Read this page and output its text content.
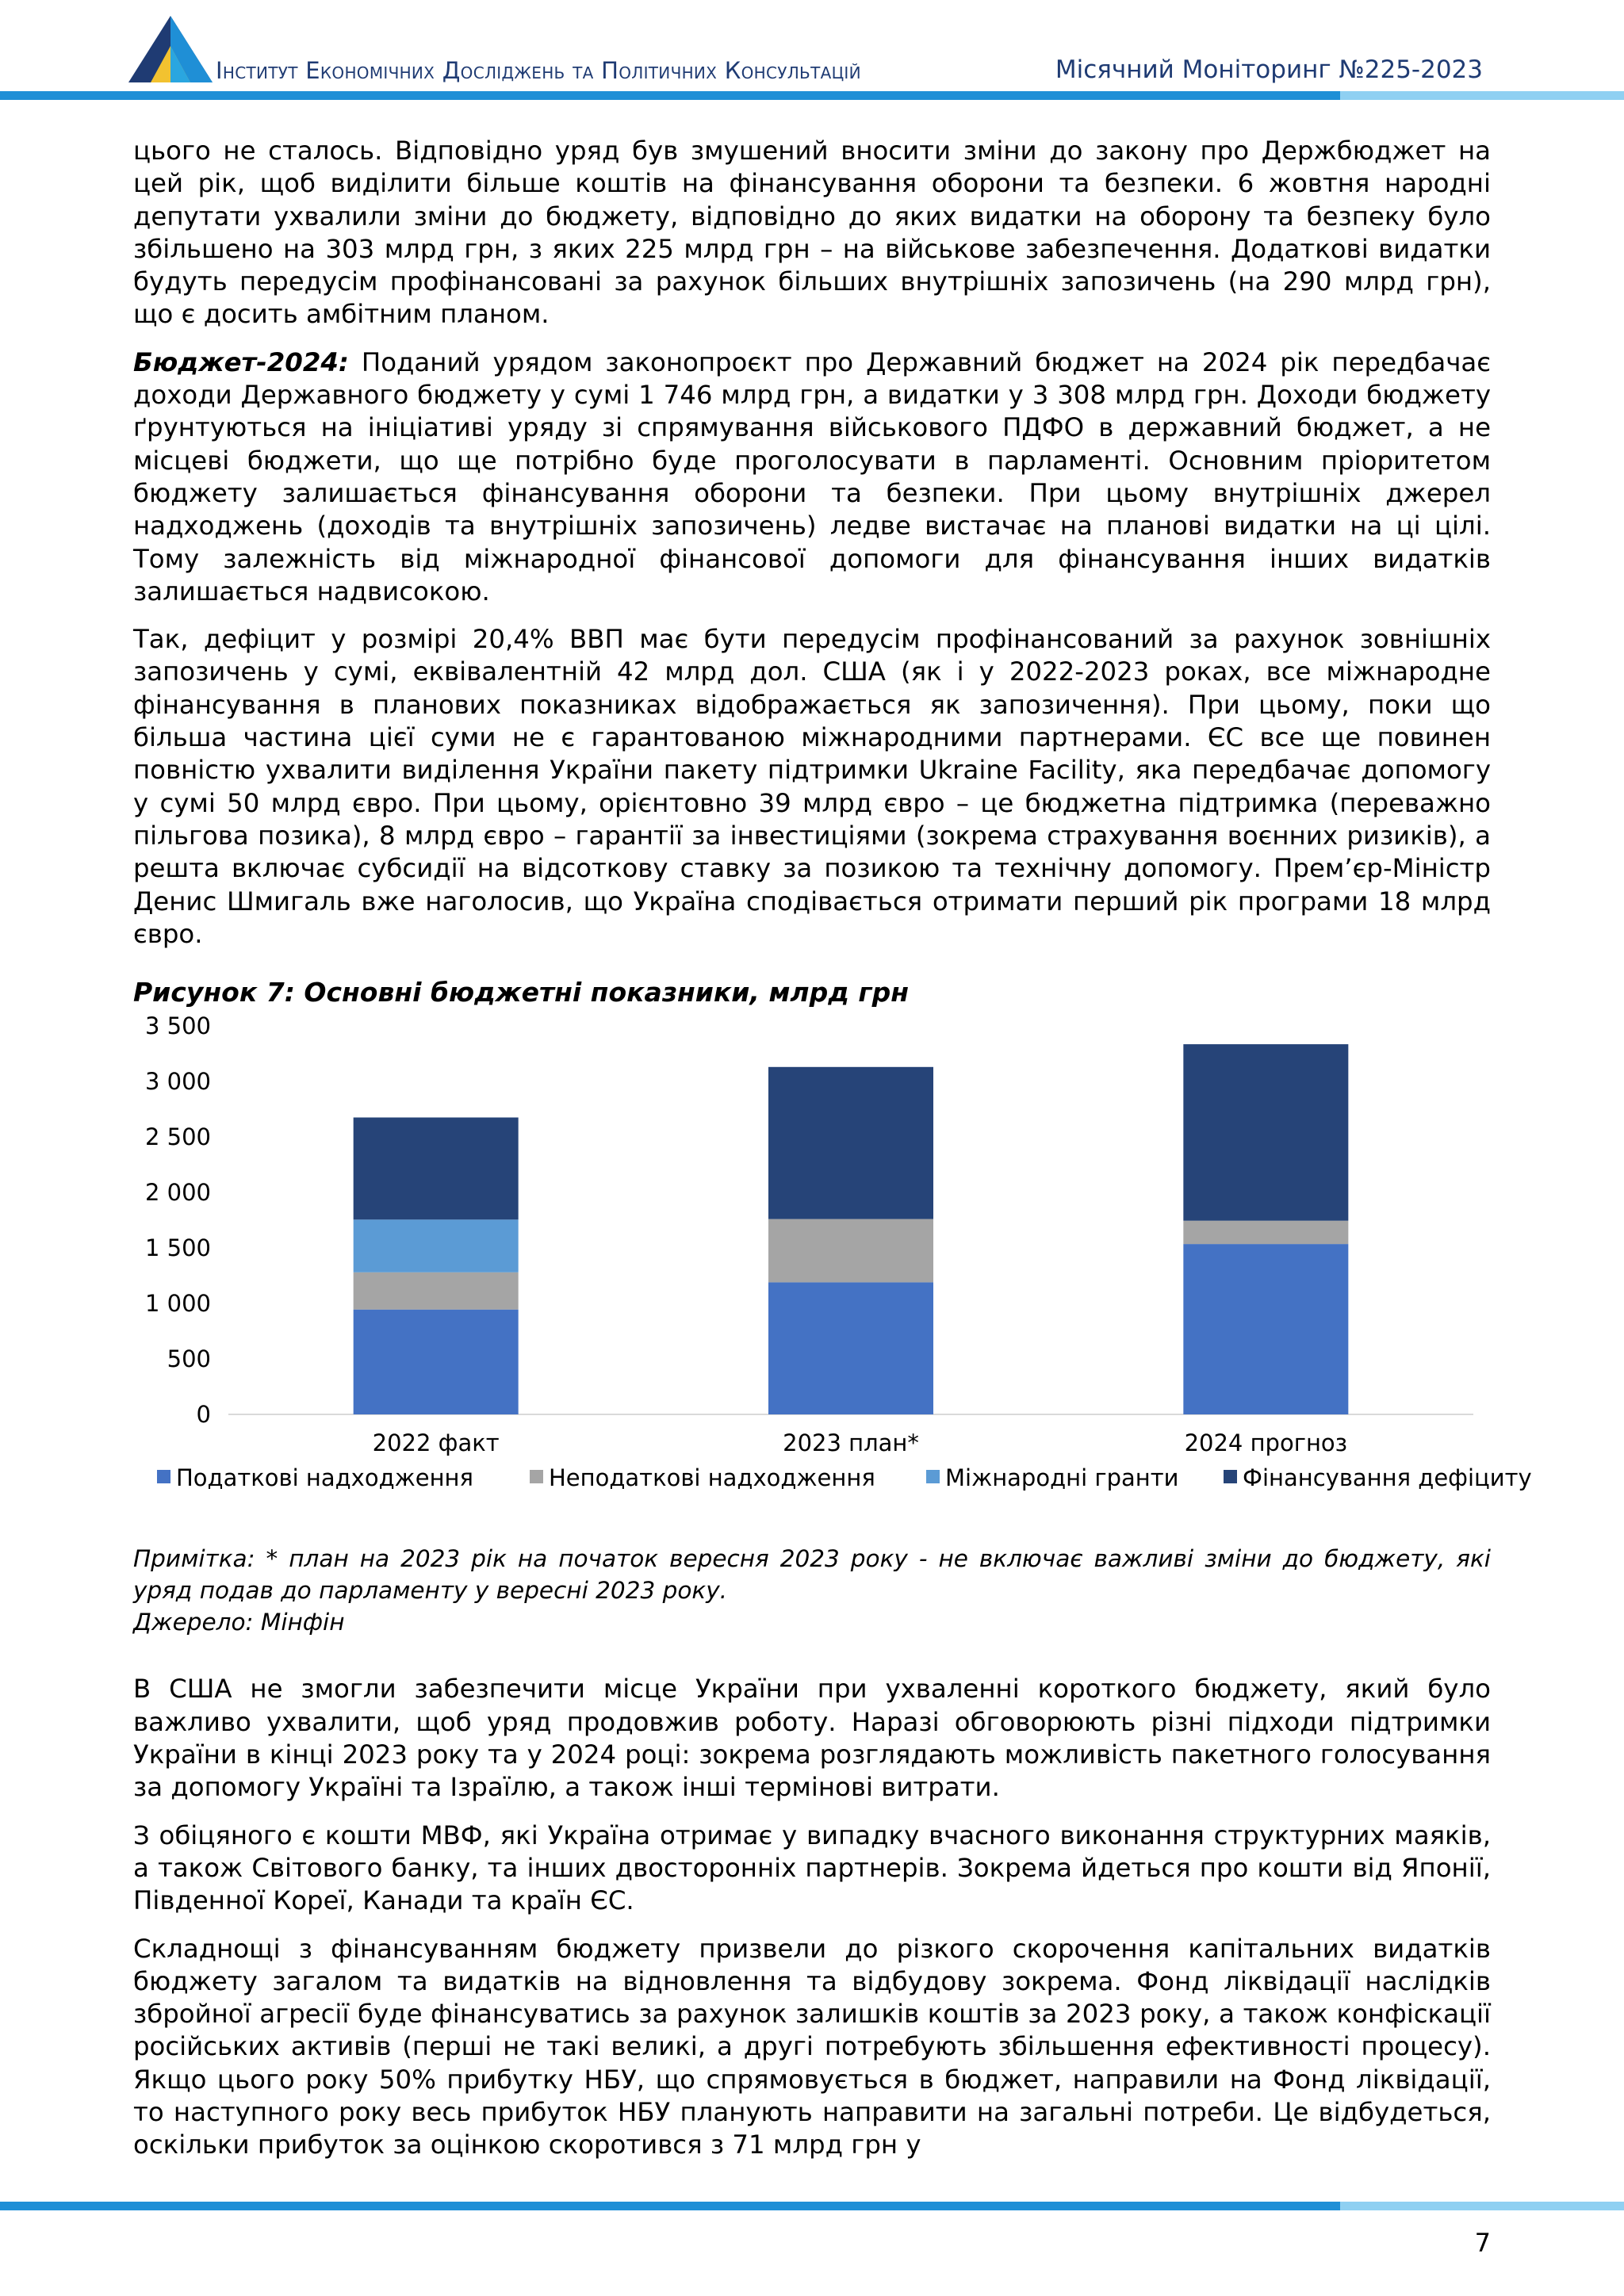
Інститут Економічних Досліджень та Політичних Консультацій	Місячний Моніторинг №225-2023

цього не сталось. Відповідно уряд був змушений вносити зміни до закону про Держбюджет на цей рік, щоб виділити більше коштів на фінансування оборони та безпеки. 6 жовтня народні депутати ухвалили зміни до бюджету, відповідно до яких видатки на оборону та безпеку було збільшено на 303 млрд грн, з яких 225 млрд грн – на військове забезпечення. Додаткові видатки будуть передусім профінансовані за рахунок більших внутрішніх запозичень (на 290 млрд грн), що є досить амбітним планом.

Бюджет-2024: Поданий урядом законопроєкт про Державний бюджет на 2024 рік передбачає доходи Державного бюджету у сумі 1 746 млрд грн, а видатки у 3 308 млрд грн. Доходи бюджету ґрунтуються на ініціативі уряду зі спрямування військового ПДФО в державний бюджет, а не місцеві бюджети, що ще потрібно буде проголосувати в парламенті. Основним пріоритетом бюджету залишається фінансування оборони та безпеки. При цьому внутрішніх джерел надходжень (доходів та внутрішніх запозичень) ледве вистачає на планові видатки на ці цілі. Тому залежність від міжнародної фінансової допомоги для фінансування інших видатків залишається надвисокою.

Так, дефіцит у розмірі 20,4% ВВП має бути передусім профінансований за рахунок зовнішніх запозичень у сумі, еквівалентній 42 млрд дол. США (як і у 2022-2023 роках, все міжнародне фінансування в планових показниках відображається як запозичення). При цьому, поки що більша частина цієї суми не є гарантованою міжнародними партнерами. ЄС все ще повинен повністю ухвалити виділення України пакету підтримки Ukraine Facility, яка передбачає допомогу у сумі 50 млрд євро. При цьому, орієнтовно 39 млрд євро – це бюджетна підтримка (переважно пільгова позика), 8 млрд євро – гарантії за інвестиціями (зокрема страхування воєнних ризиків), а решта включає субсидії на відсоткову ставку за позикою та технічну допомогу. Прем’єр-Міністр Денис Шмигаль вже наголосив, що Україна сподівається отримати перший рік програми 18 млрд євро.

Рисунок 7: Основні бюджетні показники, млрд грн
0
500
1 000
1 500
2 000
2 500
3 000
3 500
2022 факт	2023 план*	2024 прогноз
Податкові надходження	Неподаткові надходження	Міжнародні гранти	Фінансування дефіциту
Примітка: * план на 2023 рік на початок вересня 2023 року - не включає важливі зміни до бюджету, які уряд подав до парламенту у вересні 2023 року.
Джерело: Мінфін

В США не змогли забезпечити місце України при ухваленні короткого бюджету, який було важливо ухвалити, щоб уряд продовжив роботу. Наразі обговорюють різні підходи підтримки України в кінці 2023 року та у 2024 році: зокрема розглядають можливість пакетного голосування за допомогу Україні та Ізраїлю, а також інші термінові витрати.

З обіцяного є кошти МВФ, які Україна отримає у випадку вчасного виконання структурних маяків, а також Світового банку, та інших двосторонніх партнерів. Зокрема йдеться про кошти від Японії, Південної Кореї, Канади та країн ЄС.

Складнощі з фінансуванням бюджету призвели до різкого скорочення капітальних видатків бюджету загалом та видатків на відновлення та відбудову зокрема. Фонд ліквідації наслідків збройної агресії буде фінансуватись за рахунок залишків коштів за 2023 року, а також конфіскації російських активів (перші не такі великі, а другі потребують збільшення ефективності процесу). Якщо цього року 50% прибутку НБУ, що спрямовується в бюджет, направили на Фонд ліквідації, то наступного року весь прибуток НБУ планують направити на загальні потреби. Це відбудеться, оскільки прибуток за оцінкою скоротився з 71 млрд грн у

7
